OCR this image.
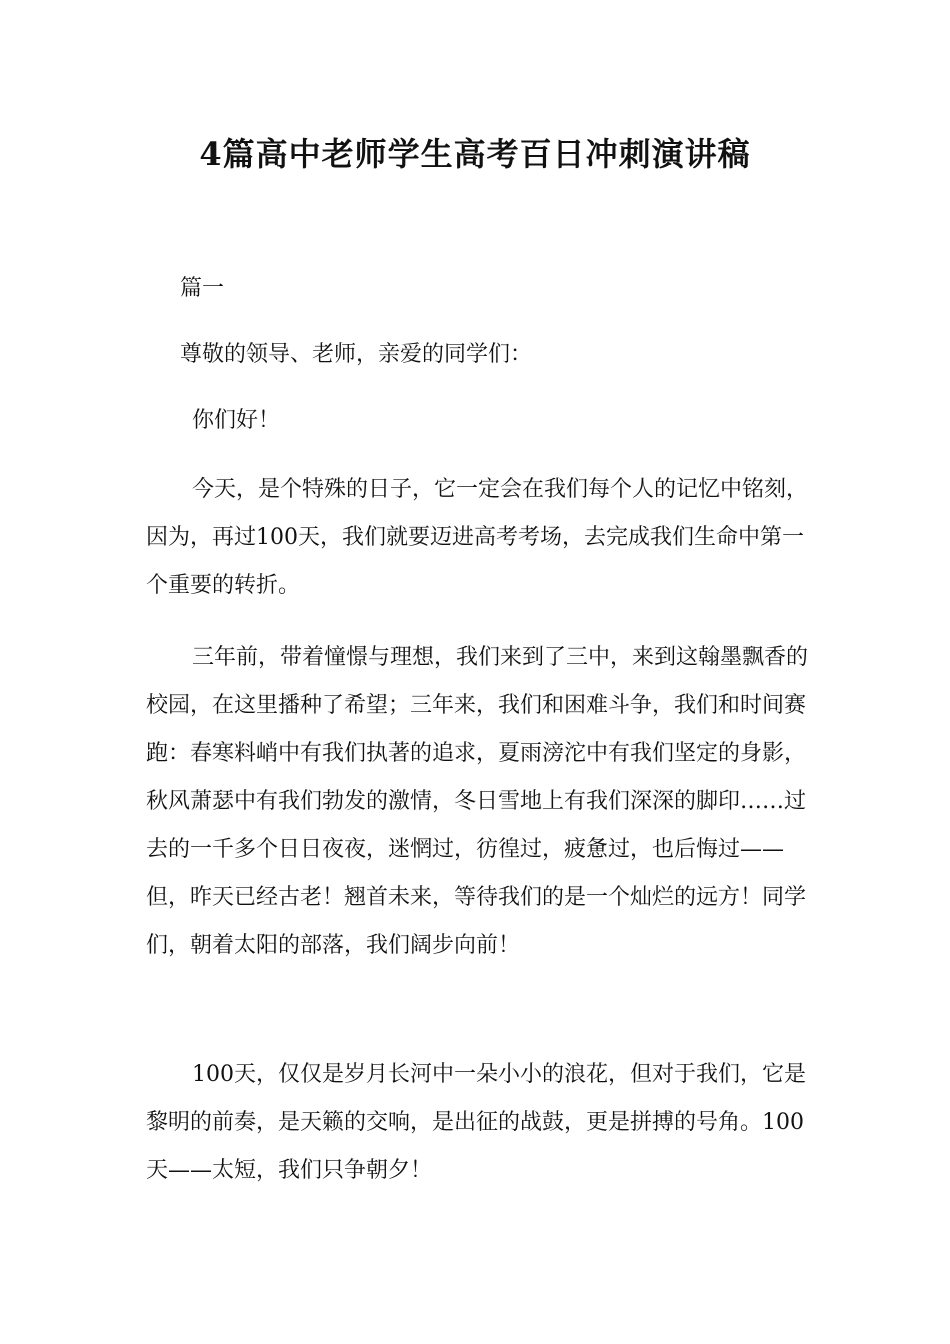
4篇高中老师学生高考百日冲刺演讲稿

篇一

尊敬的领导、老师，亲爱的同学们：

你们好！

今天，是个特殊的日子，它一定会在我们每个人的记忆中铭刻，因为，再过100天，我们就要迈进高考考场，去完成我们生命中第一个重要的转折。

三年前，带着憧憬与理想，我们来到了三中，来到这翰墨飘香的校园，在这里播种了希望；三年来，我们和困难斗争，我们和时间赛跑：春寒料峭中有我们执著的追求，夏雨滂沱中有我们坚定的身影，秋风萧瑟中有我们勃发的激情，冬日雪地上有我们深深的脚印……过去的一千多个日日夜夜，迷惘过，彷徨过，疲惫过，也后悔过——但，昨天已经古老！翘首未来，等待我们的是一个灿烂的远方！同学们，朝着太阳的部落，我们阔步向前！

100天，仅仅是岁月长河中一朵小小的浪花，但对于我们，它是黎明的前奏，是天籁的交响，是出征的战鼓，更是拼搏的号角。100天——太短，我们只争朝夕！
